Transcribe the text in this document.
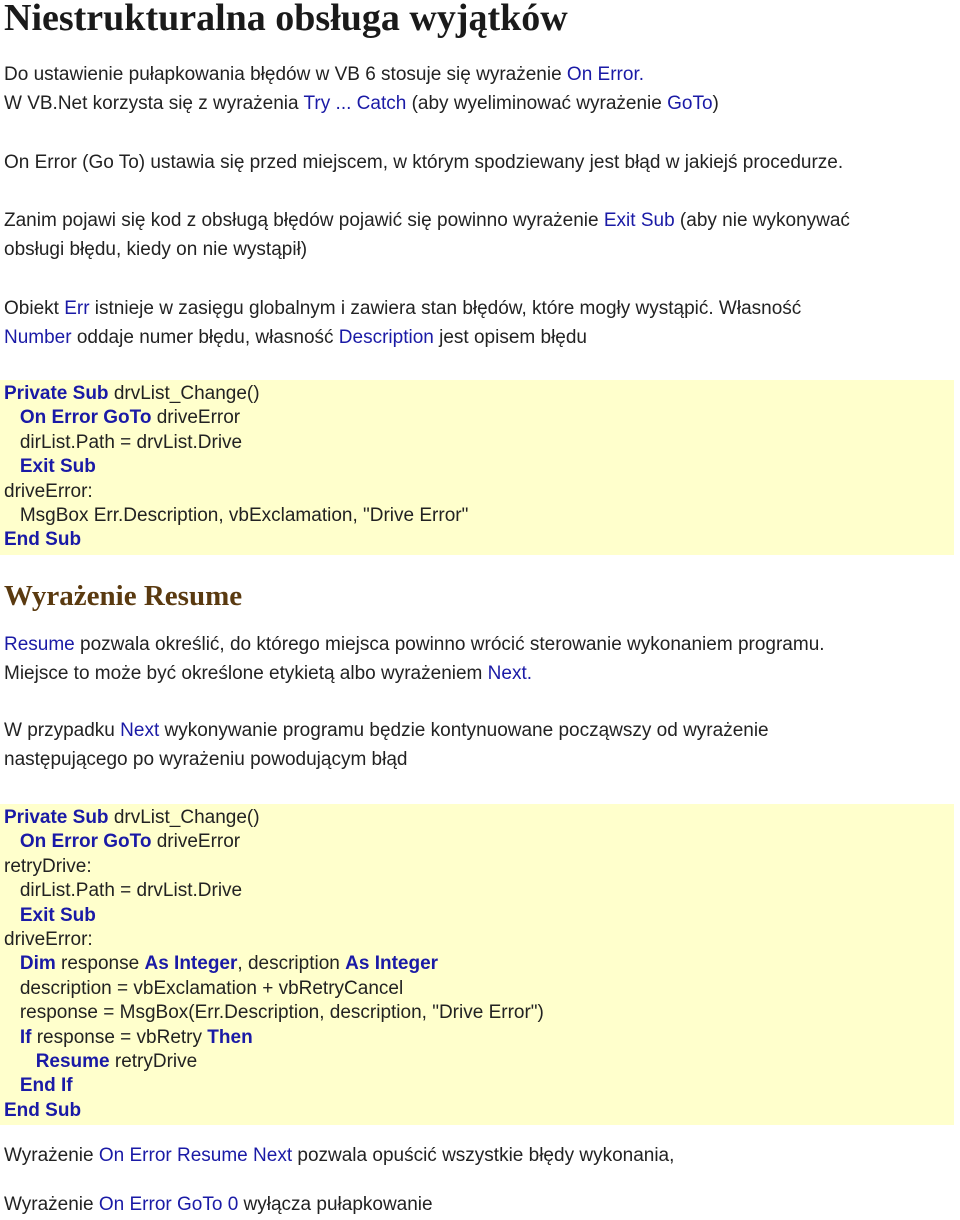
Niestrukturalna obsługa wyjątków

Do ustawienie pułapkowania błędów w VB 6 stosuje się wyrażenie On Error.
W VB.Net korzysta się z wyrażenia Try ... Catch (aby wyeliminować wyrażenie GoTo)

On Error (Go To) ustawia się przed miejscem, w którym spodziewany jest błąd w jakiejś procedurze.

Zanim pojawi się kod z obsługą błędów pojawić się powinno wyrażenie Exit Sub (aby nie wykonywać
obsługi błędu, kiedy on nie wystąpił)

Obiekt Err istnieje w zasięgu globalnym i zawiera stan błędów, które mogły wystąpić. Własność
Number oddaje numer błędu, własność Description jest opisem błędu

Private Sub drvList_Change()
On Error GoTo driveError
dirList.Path = drvList.Drive
Exit Sub
driveError:
MsgBox Err.Description, vbExclamation, "Drive Error"
End Sub
Wyrażenie Resume

Resume pozwala określić, do którego miejsca powinno wrócić sterowanie wykonaniem programu.
Miejsce to może być określone etykietą albo wyrażeniem Next.

W przypadku Next wykonywanie programu będzie kontynuowane począwszy od wyrażenie
następującego po wyrażeniu powodującym błąd

Private Sub drvList_Change()
On Error GoTo driveError
retryDrive:
dirList.Path = drvList.Drive
Exit Sub
driveError:
Dim response As Integer, description As Integer
description = vbExclamation + vbRetryCancel
response = MsgBox(Err.Description, description, "Drive Error")
If response = vbRetry Then
Resume retryDrive
End If
End Sub

Wyrażenie On Error Resume Next pozwala opuścić wszystkie błędy wykonania,

Wyrażenie On Error GoTo 0 wyłącza pułapkowanie
